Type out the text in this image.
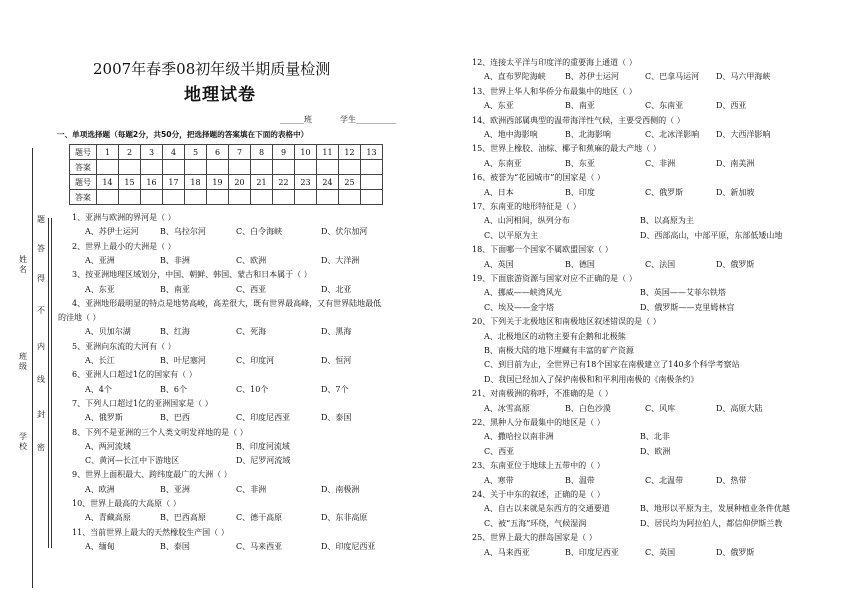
姓名
班级
学校
题
答
得
不
内
线
封
密
2007年春季08初年级半期质量检测
地理试卷
______班	学生__________
一、单项选择题（每题2分，共50分，把选择题的答案填在下面的表格中）
题号	1	2	3	4	5	6	7	8	9	10	11	12	13
答案													
题号	14	15	16	17	18	19	20	21	22	23	24	25	
答案													
1、亚洲与欧洲的界河是（ ）
A、苏伊士运河	B、乌拉尔河	C、白令海峡	D、伏尔加河
2、世界上最小的大洲是（ ）
A、亚洲	B、非洲	C、欧洲	D、大洋洲
3、按亚洲地理区域划分，中国、朝鲜、韩国、蒙古和日本属于（ ）
A、东亚	B、南亚	C、西亚	D、北亚
4、亚洲地形最明显的特点是地势高峻，高差很大，既有世界最高峰，又有世界陆地最低
的洼地（ ）
A、贝加尔湖	B、红海	C、死海	D、黑海
5、亚洲向东流的大河有（ ）
A、长江	B、叶尼塞河	C、印度河	D、恒河
6、亚洲人口超过1亿的国家有（ ）
A、4个	B、6个	C、10个	D、7个
7、下列人口超过1亿的亚洲国家是（ ）
A、俄罗斯	B、巴西	C、印度尼西亚	D、泰国
8、下列不是亚洲的三个人类文明发祥地的是（ ）
A、两河流域	B、印度河流域
C、黄河—长江中下游地区	D、尼罗河流域
9、世界上面积最大、跨纬度最广的大洲（ ）
A、欧洲	B、亚洲	C、非洲	D、南极洲
10、世界上最高的大高原（ ）
A、青藏高原	B、巴西高原	C、德干高原	D、东非高原
11、当前世界上最大的天然橡胶生产国（ ）
A、缅甸	B、泰国	C、马来西亚	D、印度尼西亚
12、连接太平洋与印度洋的重要海上通道（ ）
A、直布罗陀海峡 B、苏伊士运河	C、巴拿马运河 D、马六甲海峡
13、世界上华人和华侨分布最集中的地区（ ）
A、东亚	B、南亚	C、东南亚	D、西亚
14、欧洲西部属典型的温带海洋性气候，主要受西侧的（ ）
A、地中海影响	B、北海影响	C、北冰洋影响 D、大西洋影响
15、世界上橡胶、油棕、椰子和蕉麻的最大产地（ ）
A、东南亚	B、东亚	C、非洲	D、南美洲
16、被誉为“花园城市”的国家是（ ）
A、日本	B、印度	C、俄罗斯	D、新加坡
17、东南亚的地形特征是（ ）
A、山河相间，纵列分布	B、以高原为主
C、以平原为主	D、西部高山，中部平原，东部低矮山地
18、下面哪一个国家不属欧盟国家（ ）
A、英国	B、德国	C、法国	D、俄罗斯
19、下面旅游资源与国家对应不正确的是（ ）
A、挪威——峡湾风光	B、英国——艾菲尔铁塔
C、埃及——金字塔	D、俄罗斯——克里姆林宫
20、下列关于北极地区和南极地区叙述错误的是（ ）
A、北极地区的动物主要有企鹅和北极熊
B、南极大陆的地下埋藏有丰富的矿产资源
C、到目前为止，全世界已有18个国家在南极建立了140多个科学考察站
D、我国已经加入了保护南极和和平利用南极的《南极条约》
21、对南极洲的称呼，不准确的是（ ）
A、冰雪高原	B、白色沙漠	C、风库	D、高原大陆
22、黑种人分布最集中的地区是（ ）
A、撒哈拉以南非洲	B、北非
C、西亚	D、欧洲
23、东南亚位于地球上五带中的（ ）
A、寒带	B、温带	C、北温带	D、热带
24、关于中东的叙述，正确的是（ ）
A、自古以来就是东西方的交通要道	B、地形以平原为主，发展种植业条件优越
C、被“五海”环绕，气候湿润	D、居民均为阿拉伯人，都信仰伊斯兰教
25、世界上最大的群岛国家是（ ）
A、马来西亚	B、印度尼西亚	C、英国	D、俄罗斯
